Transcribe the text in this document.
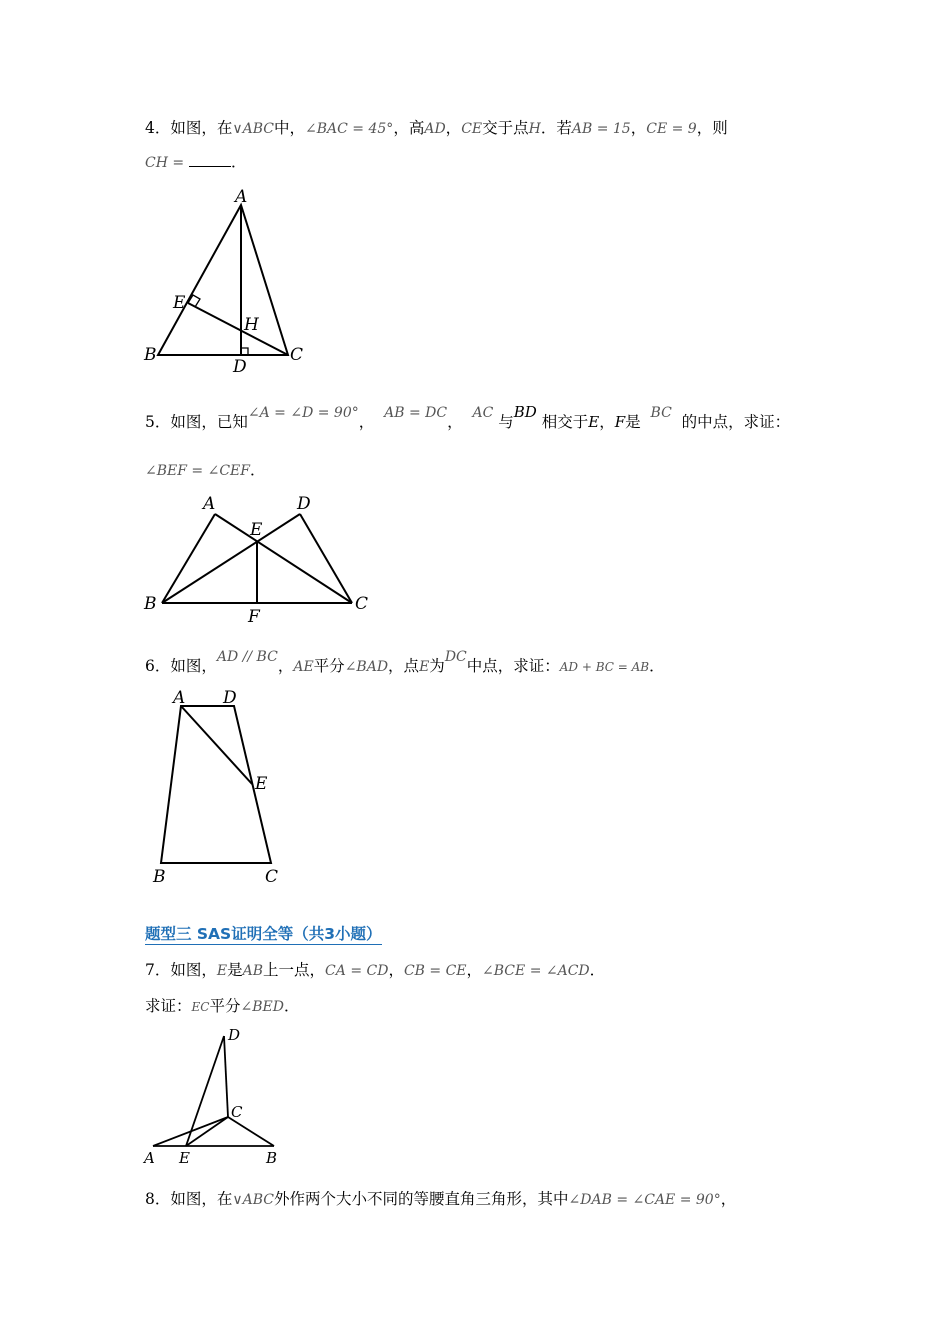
4．如图，在∨ABC中，∠BAC = 45°，高AD，CE交于点H．若AB = 15，CE = 9，则
CH =	．
A
E
H
B
D
C
5．如图，已知∠A = ∠D = 90°， AB = DC， AC 与BD 相交于E，F是 BC 的中点，求证：
∠BEF = ∠CEF．
A	D
E
B	C
F
6．如图，AD // BC，AE平分∠BAD，点E为DC中点，求证：AD + BC = AB．
A D
E
B	C
题型三 SAS证明全等（共3小题）
7．如图，E是AB上一点，CA = CD，CB = CE，∠BCE = ∠ACD．
求证：EC平分∠BED．
D
C
A E	B
8．如图，在∨ABC外作两个大小不同的等腰直角三角形，其中∠DAB = ∠CAE = 90°，
